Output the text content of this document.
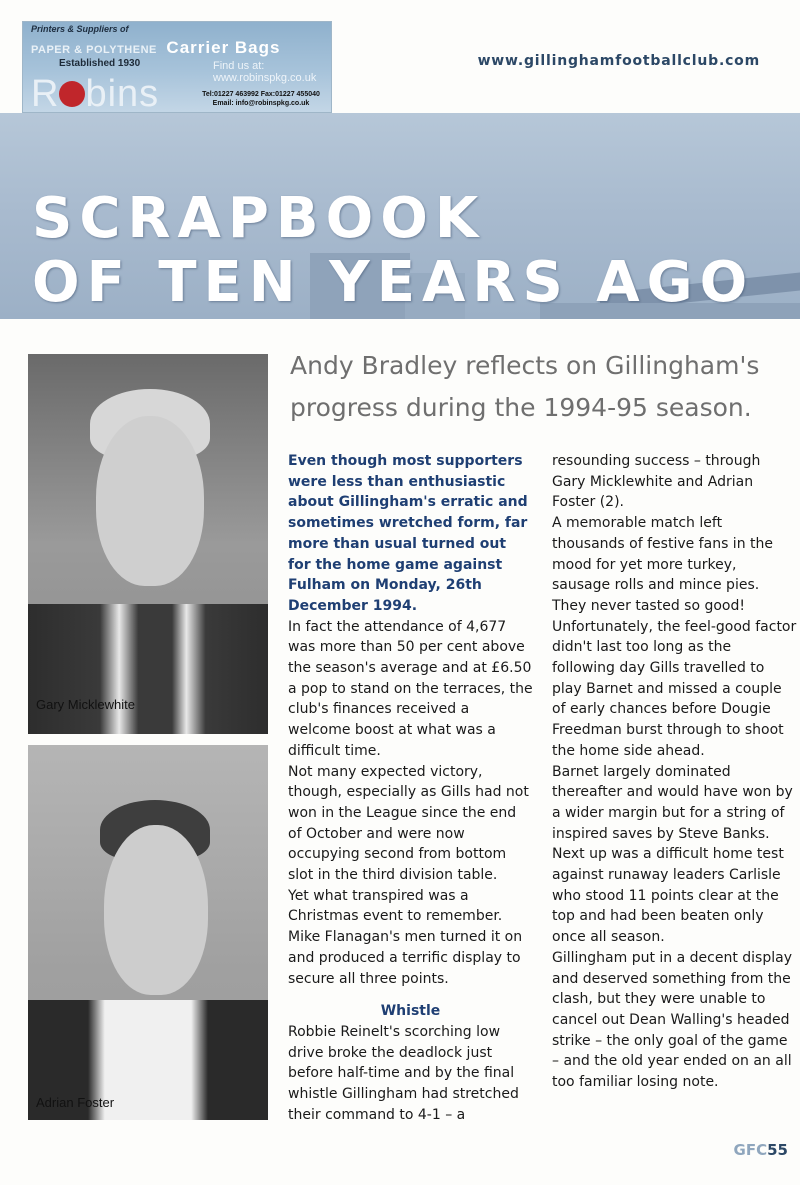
Printers & Suppliers of
PAPER & POLYTHENE Carrier Bags
Established 1930
R bins
Find us at:
www.robinspkg.co.uk
Tel:01227 463992 Fax:01227 455040
Email: info@robinspkg.co.uk
www.gillinghamfootballclub.com
SCRAPBOOK
OF TEN YEARS AGO
Gary Micklewhite
Adrian Foster

Andy Bradley reflects on Gillingham's progress during the 1994-95 season.

Even though most supporters were less than enthusiastic about Gillingham's erratic and sometimes wretched form, far more than usual turned out for the home game against Fulham on Monday, 26th December 1994.

In fact the attendance of 4,677 was more than 50 per cent above the season's average and at £6.50 a pop to stand on the terraces, the club's finances received a welcome boost at what was a difficult time.

Not many expected victory, though, especially as Gills had not won in the League since the end of October and were now occupying second from bottom slot in the third division table.

Yet what transpired was a Christmas event to remember. Mike Flanagan's men turned it on and produced a terrific display to secure all three points.

Whistle

Robbie Reinelt's scorching low drive broke the deadlock just before half-time and by the final whistle Gillingham had stretched their command to 4-1 – a

resounding success – through Gary Micklewhite and Adrian Foster (2).

A memorable match left thousands of festive fans in the mood for yet more turkey, sausage rolls and mince pies. They never tasted so good!

Unfortunately, the feel-good factor didn't last too long as the following day Gills travelled to play Barnet and missed a couple of early chances before Dougie Freedman burst through to shoot the home side ahead.

Barnet largely dominated thereafter and would have won by a wider margin but for a string of inspired saves by Steve Banks.

Next up was a difficult home test against runaway leaders Carlisle who stood 11 points clear at the top and had been beaten only once all season.

Gillingham put in a decent display and deserved something from the clash, but they were unable to cancel out Dean Walling's headed strike – the only goal of the game – and the old year ended on an all too familiar losing note.

GFC55
